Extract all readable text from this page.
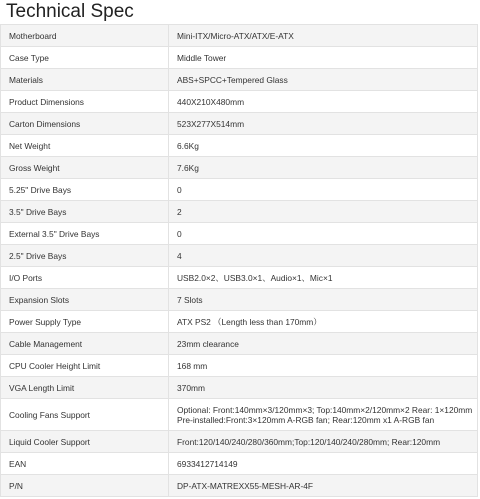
Technical Spec
Motherboard	Mini-ITX/Micro-ATX/ATX/E-ATX
Case Type	Middle Tower
Materials	ABS+SPCC+Tempered Glass
Product Dimensions	440X210X480mm
Carton Dimensions	523X277X514mm
Net Weight	6.6Kg
Gross Weight	7.6Kg
5.25" Drive Bays	0
3.5" Drive Bays	2
External 3.5" Drive Bays	0
2.5" Drive Bays	4
I/O Ports	USB2.0×2、USB3.0×1、Audio×1、Mic×1
Expansion Slots	7 Slots
Power Supply Type	ATX PS2 （Length less than 170mm）
Cable Management	23mm clearance
CPU Cooler Height Limit	168 mm
VGA Length Limit	370mm
Cooling Fans Support	Optional: Front:140mm×3/120mm×3; Top:140mm×2/120mm×2 Rear: 1×120mm
Pre-installed:Front:3×120mm A-RGB fan; Rear:120mm x1 A-RGB fan

Liquid Cooler Support	Front:120/140/240/280/360mm;Top:120/140/240/280mm; Rear:120mm
EAN	6933412714149
P/N	DP-ATX-MATREXX55-MESH-AR-4F
